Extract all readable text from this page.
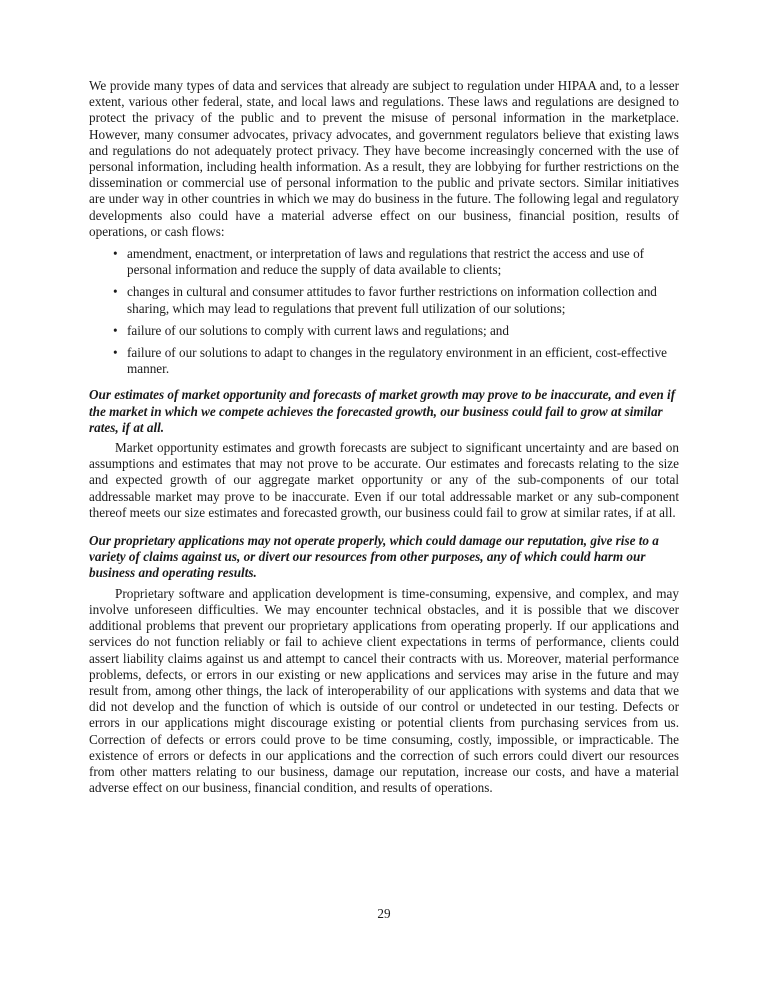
We provide many types of data and services that already are subject to regulation under HIPAA and, to a lesser extent, various other federal, state, and local laws and regulations. These laws and regulations are designed to protect the privacy of the public and to prevent the misuse of personal information in the marketplace. However, many consumer advocates, privacy advocates, and government regulators believe that existing laws and regulations do not adequately protect privacy. They have become increasingly concerned with the use of personal information, including health information. As a result, they are lobbying for further restrictions on the dissemination or commercial use of personal information to the public and private sectors. Similar initiatives are under way in other countries in which we may do business in the future. The following legal and regulatory developments also could have a material adverse effect on our business, financial position, results of operations, or cash flows:

• amendment, enactment, or interpretation of laws and regulations that restrict the access and use of personal information and reduce the supply of data available to clients;
• changes in cultural and consumer attitudes to favor further restrictions on information collection and sharing, which may lead to regulations that prevent full utilization of our solutions;
• failure of our solutions to comply with current laws and regulations; and
• failure of our solutions to adapt to changes in the regulatory environment in an efficient, cost-effective manner.

Our estimates of market opportunity and forecasts of market growth may prove to be inaccurate, and even if the market in which we compete achieves the forecasted growth, our business could fail to grow at similar rates, if at all.

Market opportunity estimates and growth forecasts are subject to significant uncertainty and are based on assumptions and estimates that may not prove to be accurate. Our estimates and forecasts relating to the size and expected growth of our aggregate market opportunity or any of the sub-components of our total addressable market may prove to be inaccurate. Even if our total addressable market or any sub-component thereof meets our size estimates and forecasted growth, our business could fail to grow at similar rates, if at all.

Our proprietary applications may not operate properly, which could damage our reputation, give rise to a variety of claims against us, or divert our resources from other purposes, any of which could harm our business and operating results.

Proprietary software and application development is time-consuming, expensive, and complex, and may involve unforeseen difficulties. We may encounter technical obstacles, and it is possible that we discover additional problems that prevent our proprietary applications from operating properly. If our applications and services do not function reliably or fail to achieve client expectations in terms of performance, clients could assert liability claims against us and attempt to cancel their contracts with us. Moreover, material performance problems, defects, or errors in our existing or new applications and services may arise in the future and may result from, among other things, the lack of interoperability of our applications with systems and data that we did not develop and the function of which is outside of our control or undetected in our testing. Defects or errors in our applications might discourage existing or potential clients from purchasing services from us. Correction of defects or errors could prove to be time consuming, costly, impossible, or impracticable. The existence of errors or defects in our applications and the correction of such errors could divert our resources from other matters relating to our business, damage our reputation, increase our costs, and have a material adverse effect on our business, financial condition, and results of operations.

29
